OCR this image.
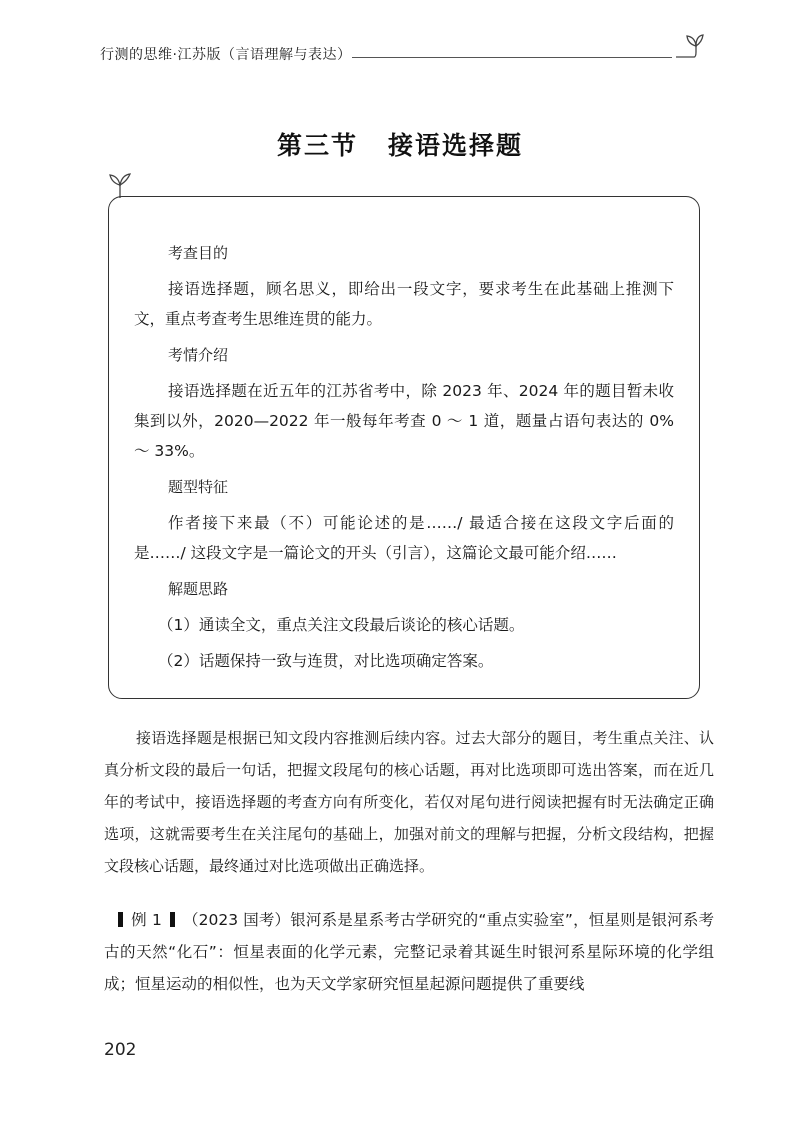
行测的思维·江苏版（言语理解与表达）
第三节 接语选择题
考查目的
接语选择题，顾名思义，即给出一段文字，要求考生在此基础上推测下文，重点考查考生思维连贯的能力。
考情介绍
接语选择题在近五年的江苏省考中，除 2023 年、2024 年的题目暂未收集到以外，2020—2022 年一般每年考查 0 ～ 1 道，题量占语句表达的 0% ～ 33%。
题型特征
作者接下来最（不）可能论述的是……/ 最适合接在这段文字后面的是……/ 这段文字是一篇论文的开头（引言），这篇论文最可能介绍……
解题思路
（1）通读全文，重点关注文段最后谈论的核心话题。
（2）话题保持一致与连贯，对比选项确定答案。

接语选择题是根据已知文段内容推测后续内容。过去大部分的题目，考生重点关注、认真分析文段的最后一句话，把握文段尾句的核心话题，再对比选项即可选出答案，而在近几年的考试中，接语选择题的考查方向有所变化，若仅对尾句进行阅读把握有时无法确定正确选项，这就需要考生在关注尾句的基础上，加强对前文的理解与把握，分析文段结构，把握文段核心话题，最终通过对比选项做出正确选择。

例 1 （2023 国考）银河系是星系考古学研究的“重点实验室”，恒星则是银河系考古的天然“化石”：恒星表面的化学元素，完整记录着其诞生时银河系星际环境的化学组成；恒星运动的相似性，也为天文学家研究恒星起源问题提供了重要线
202
